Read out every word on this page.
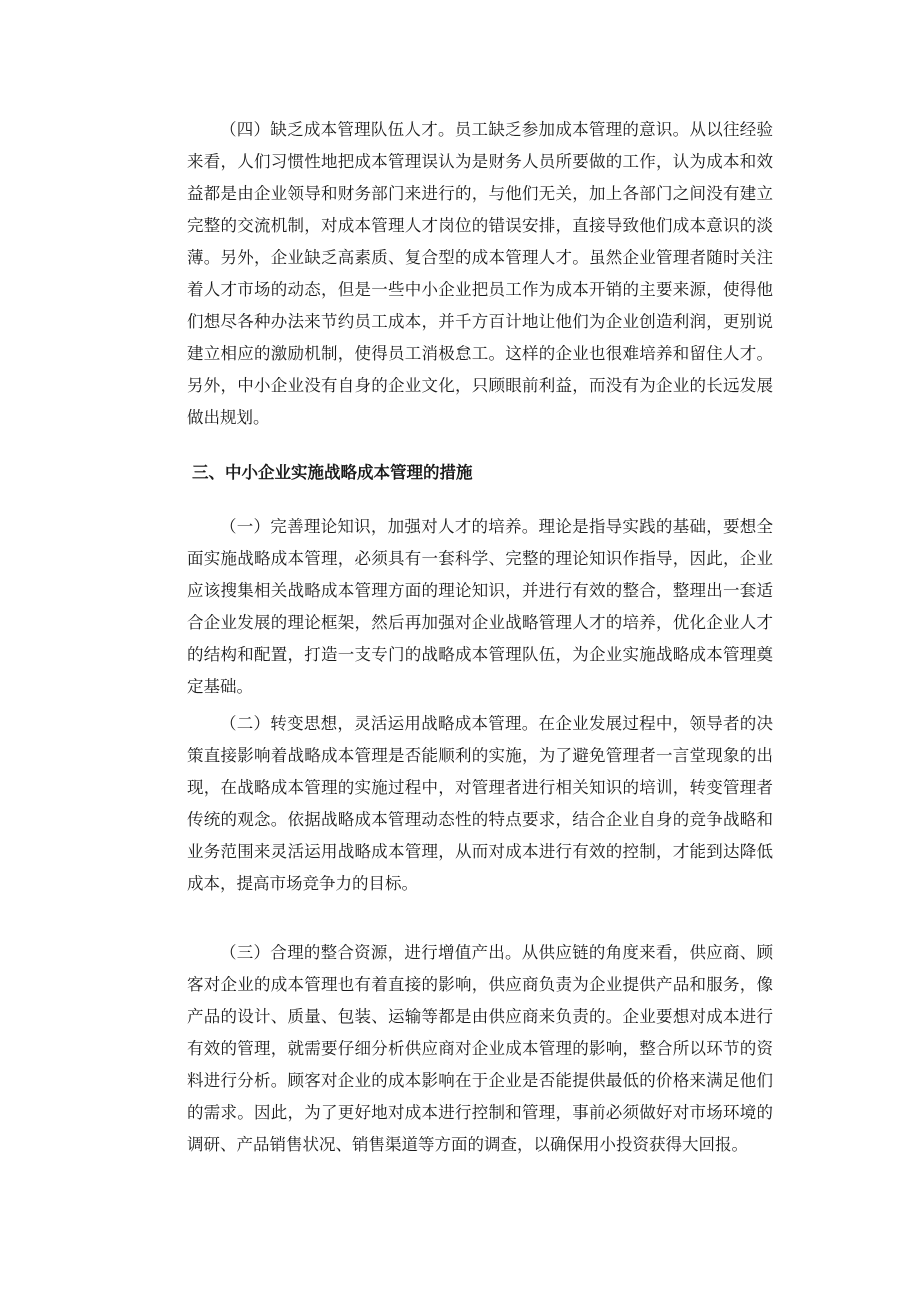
（四）缺乏成本管理队伍人才。员工缺乏参加成本管理的意识。从以往经验来看，人们习惯性地把成本管理误认为是财务人员所要做的工作，认为成本和效益都是由企业领导和财务部门来进行的，与他们无关，加上各部门之间没有建立完整的交流机制，对成本管理人才岗位的错误安排，直接导致他们成本意识的淡薄。另外，企业缺乏高素质、复合型的成本管理人才。虽然企业管理者随时关注着人才市场的动态，但是一些中小企业把员工作为成本开销的主要来源，使得他们想尽各种办法来节约员工成本，并千方百计地让他们为企业创造利润，更别说建立相应的激励机制，使得员工消极怠工。这样的企业也很难培养和留住人才。另外，中小企业没有自身的企业文化，只顾眼前利益，而没有为企业的长远发展做出规划。

三、中小企业实施战略成本管理的措施

（一）完善理论知识，加强对人才的培养。理论是指导实践的基础，要想全面实施战略成本管理，必须具有一套科学、完整的理论知识作指导，因此，企业应该搜集相关战略成本管理方面的理论知识，并进行有效的整合，整理出一套适合企业发展的理论框架，然后再加强对企业战略管理人才的培养，优化企业人才的结构和配置，打造一支专门的战略成本管理队伍，为企业实施战略成本管理奠定基础。

（二）转变思想，灵活运用战略成本管理。在企业发展过程中，领导者的决策直接影响着战略成本管理是否能顺利的实施，为了避免管理者一言堂现象的出现，在战略成本管理的实施过程中，对管理者进行相关知识的培训，转变管理者传统的观念。依据战略成本管理动态性的特点要求，结合企业自身的竞争战略和业务范围来灵活运用战略成本管理，从而对成本进行有效的控制，才能到达降低成本，提高市场竞争力的目标。

（三）合理的整合资源，进行增值产出。从供应链的角度来看，供应商、顾客对企业的成本管理也有着直接的影响，供应商负责为企业提供产品和服务，像产品的设计、质量、包装、运输等都是由供应商来负责的。企业要想对成本进行有效的管理，就需要仔细分析供应商对企业成本管理的影响，整合所以环节的资料进行分析。顾客对企业的成本影响在于企业是否能提供最低的价格来满足他们的需求。因此，为了更好地对成本进行控制和管理，事前必须做好对市场环境的调研、产品销售状况、销售渠道等方面的调查，以确保用小投资获得大回报。
